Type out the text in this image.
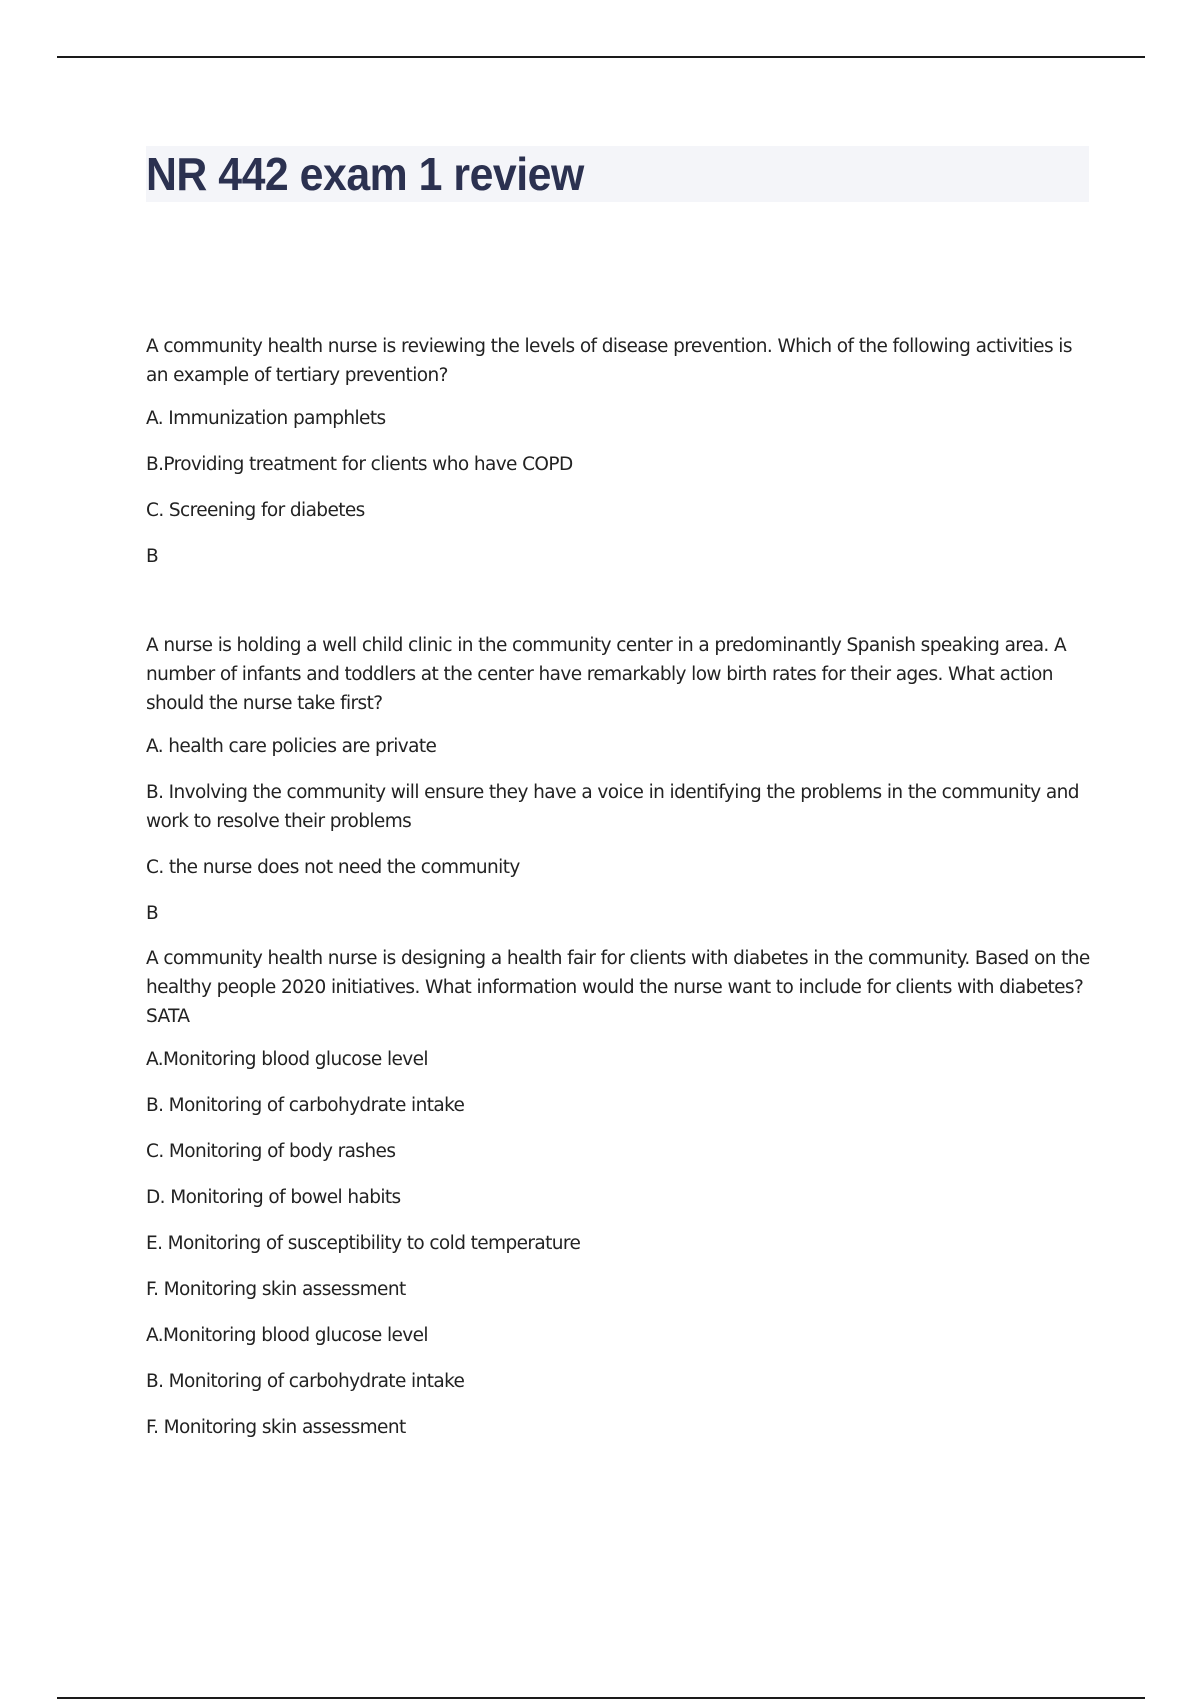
NR 442 exam 1 review

A community health nurse is reviewing the levels of disease prevention. Which of the following activities is an example of tertiary prevention?

A. Immunization pamphlets

B.Providing treatment for clients who have COPD

C. Screening for diabetes

B

A nurse is holding a well child clinic in the community center in a predominantly Spanish speaking area. A number of infants and toddlers at the center have remarkably low birth rates for their ages. What action should the nurse take first?

A. health care policies are private

B. Involving the community will ensure they have a voice in identifying the problems in the community and work to resolve their problems

C. the nurse does not need the community

B

A community health nurse is designing a health fair for clients with diabetes in the community. Based on the healthy people 2020 initiatives. What information would the nurse want to include for clients with diabetes? SATA

A.Monitoring blood glucose level

B. Monitoring of carbohydrate intake

C. Monitoring of body rashes

D. Monitoring of bowel habits

E. Monitoring of susceptibility to cold temperature

F. Monitoring skin assessment

A.Monitoring blood glucose level

B. Monitoring of carbohydrate intake

F. Monitoring skin assessment
